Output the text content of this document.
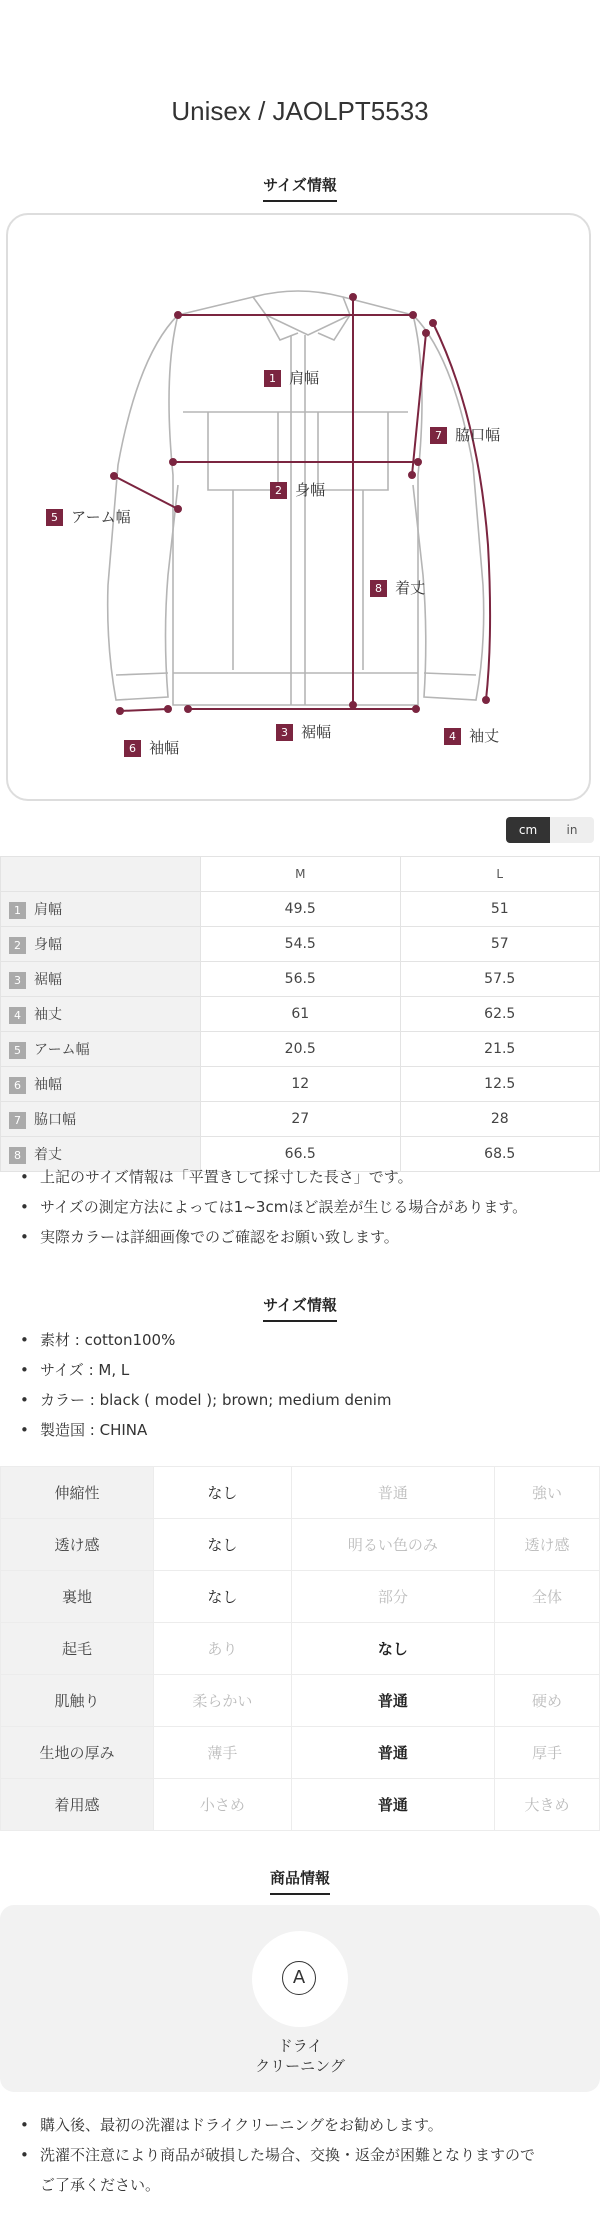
Unisex / JAOLPT5533
サイズ情報
1 肩幅
2 身幅
3 裾幅	4 袖丈
5 アーム幅
6 袖幅
7 脇口幅
8 着丈
cm	in
	M	L
1 肩幅	49.5	51
2 身幅	54.5	57
3 裾幅	56.5	57.5
4 袖丈	61	62.5
5 アーム幅	20.5	21.5
6 袖幅	12	12.5
7 脇口幅	27	28
8 着丈	66.5	68.5
• 上記のサイズ情報は「平置きして採寸した長さ」です。
• サイズの測定方法によっては1~3cmほど誤差が生じる場合があります。
• 実際カラーは詳細画像でのご確認をお願い致します。
サイズ情報
• 素材 : cotton100%
• サイズ : M, L
• カラー : black ( model ); brown; medium denim
• 製造国 : CHINA
伸縮性	なし	普通	強い
透け感	なし	明るい色のみ	透け感
裏地	なし	部分	全体
起毛	あり	なし	
肌触り	柔らかい	普通	硬め
生地の厚み	薄手	普通	厚手
着用感	小さめ	普通	大きめ
商品情報
A
ドライ
クリーニング
• 購入後、最初の洗濯はドライクリーニングをお勧めします。
• 洗濯不注意により商品が破損した場合、交換・返金が困難となりますので
ご了承ください。
